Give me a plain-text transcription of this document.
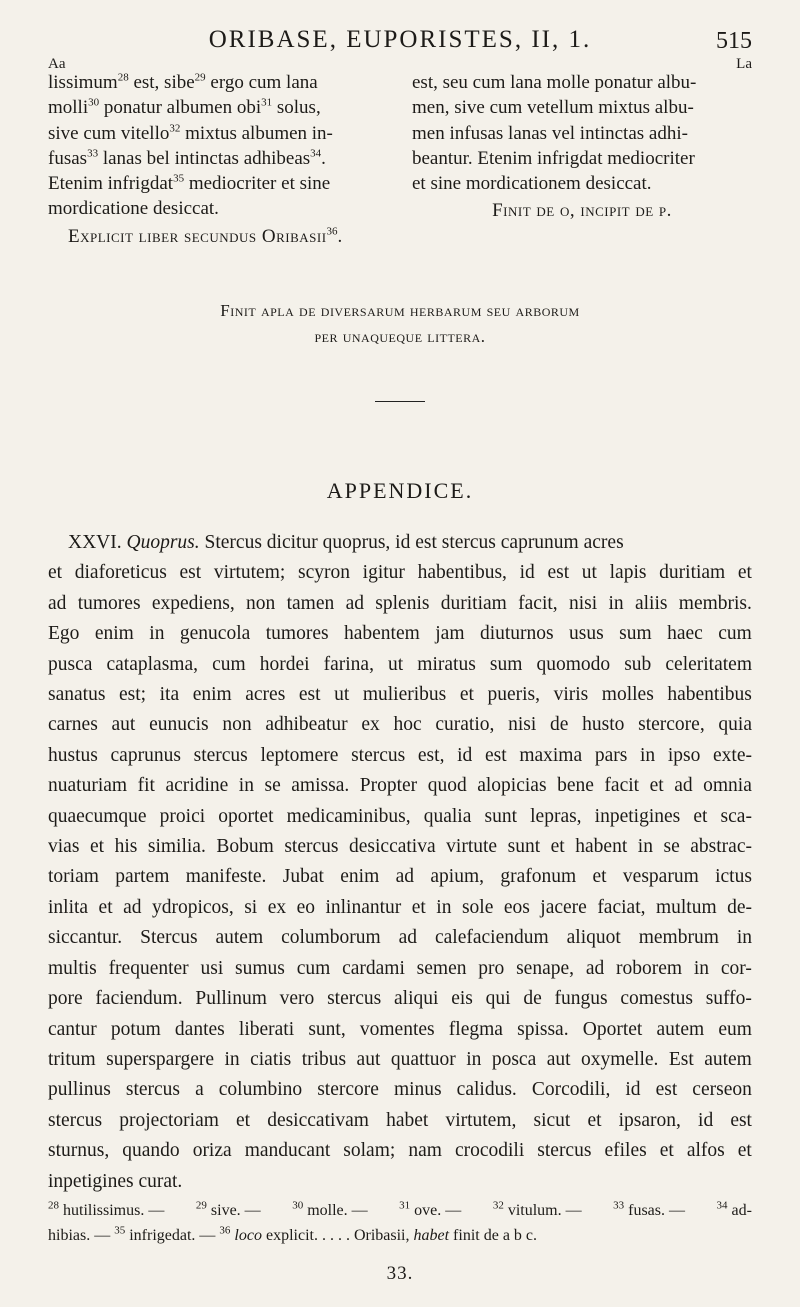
ORIBASE, EUPORISTES, II, 1.	515
Aa	La
lissimum$^{28}$ est, sibe$^{29}$ ergo cum lana
molli$^{30}$ ponatur albumen obi$^{31}$ solus,
sive cum vitello$^{32}$ mixtus albumen in-
fusas$^{33}$ lanas bel intinctas adhibeas$^{34}$.
Etenim infrigdat$^{35}$ mediocriter et sine
mordicatione desiccat.
Explicit liber secundus Oribasii$^{36}$.
est, seu cum lana molle ponatur albu-
men, sive cum vetellum mixtus albu-
men infusas lanas vel intinctas adhi-
beantur. Etenim infrigdat mediocriter
et sine mordicationem desiccat.
Finit de o, incipit de p.
Finit apla de diversarum herbarum seu arborum
per unaqueque littera.
APPENDICE.
XXVI. Quoprus. Stercus dicitur quoprus, id est stercus caprunum acres
et diaforeticus est virtutem; scyron igitur habentibus, id est ut lapis duritiam et
ad tumores expediens, non tamen ad splenis duritiam facit, nisi in aliis membris.
Ego enim in genucola tumores habentem jam diuturnos usus sum haec cum
pusca cataplasma, cum hordei farina, ut miratus sum quomodo sub celeritatem
sanatus est; ita enim acres est ut mulieribus et pueris, viris molles habentibus
carnes aut eunucis non adhibeatur ex hoc curatio, nisi de husto stercore, quia
hustus caprunus stercus leptomere stercus est, id est maxima pars in ipso exte-
nuaturiam fit acridine in se amissa. Propter quod alopicias bene facit et ad omnia
quaecumque proici oportet medicaminibus, qualia sunt lepras, inpetigines et sca-
vias et his similia. Bobum stercus desiccativa virtute sunt et habent in se abstrac-
toriam partem manifeste. Jubat enim ad apium, grafonum et vesparum ictus
inlita et ad ydropicos, si ex eo inlinantur et in sole eos jacere faciat, multum de-
siccantur. Stercus autem columborum ad calefaciendum aliquot membrum in
multis frequenter usi sumus cum cardami semen pro senape, ad roborem in cor-
pore faciendum. Pullinum vero stercus aliqui eis qui de fungus comestus suffo-
cantur potum dantes liberati sunt, vomentes flegma spissa. Oportet autem eum
tritum superspargere in ciatis tribus aut quattuor in posca aut oxymelle. Est autem
pullinus stercus a columbino stercore minus calidus. Corcodili, id est cerseon
stercus projectoriam et desiccativam habet virtutem, sicut et ipsaron, id est
sturnus, quando oriza manducant solam; nam crocodili stercus efiles et alfos et
inpetigines curat.
$^{28}$ hutilissimus. —	$^{29}$ sive. —	$^{30}$ molle. —	$^{31}$ ove. —	$^{32}$ vitulum. —	$^{33}$ fusas. —	$^{34}$ ad-
hibias. — $^{35}$ infrigedat. — $^{36}$ loco explicit. . . . . Oribasii, habet finit de a b c.
33.
